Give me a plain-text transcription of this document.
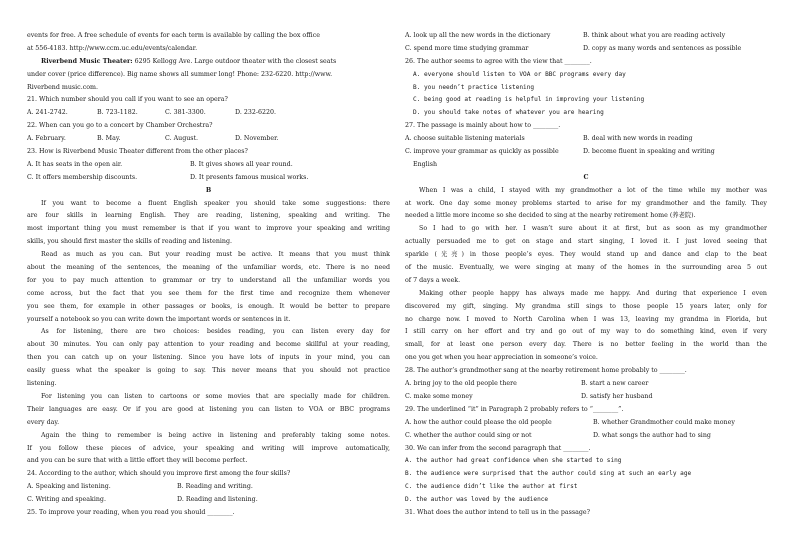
events for free. A free schedule of events for each term is available by calling the box office
at 556-4183. http://www.ccm.uc.edu/events/calendar.
Riverbend Music Theater: 6295 Kellogg Ave. Large outdoor theater with the closest seats
under cover (price difference). Big name shows all summer long! Phone: 232-6220. http://www.
Riverbend music.com.
21. Which number should you call if you want to see an opera?
A. 241-2742.	B. 723-1182.	C. 381-3300.	D. 232-6220.
22. When can you go to a concert by Chamber Orchestra?
A. February.	B. May.	C. August.	D. November.
23. How is Riverbend Music Theater different from the other places?
A. It has seats in the open air.	B. It gives shows all year round.
C. It offers membership discounts.	D. It presents famous musical works.
B
If you want to become a fluent English speaker you should take some suggestions: there
are four skills in learning English. They are reading, listening, speaking and writing. The
most important thing you must remember is that if you want to improve your speaking and writing
skills, you should first master the skills of reading and listening.
Read as much as you can. But your reading must be active. It means that you must think
about the meaning of the sentences, the meaning of the unfamiliar words, etc. There is no need
for you to pay much attention to grammar or try to understand all the unfamiliar words you
come across, but the fact that you see them for the first time and recognize them whenever
you see them, for example in other passages or books, is enough. It would be better to prepare
yourself a notebook so you can write down the important words or sentences in it.
As for listening, there are two choices: besides reading, you can listen every day for
about 30 minutes. You can only pay attention to your reading and become skillful at your reading,
then you can catch up on your listening. Since you have lots of inputs in your mind, you can
easily guess what the speaker is going to say. This never means that you should not practice
listening.
For listening you can listen to cartoons or some movies that are specially made for children.
Their languages are easy. Or if you are good at listening you can listen to VOA or BBC programs
every day.
Again the thing to remember is being active in listening and preferably taking some notes.
If you follow these pieces of advice, your speaking and writing will improve automatically,
and you can be sure that with a little effort they will become perfect.
24. According to the author, which should you improve first among the four skills?
A. Speaking and listening.	B. Reading and writing.
C. Writing and speaking.	D. Reading and listening.
25. To improve your reading, when you read you should ________.
A. look up all the new words in the dictionary	B. think about what you are reading actively
C. spend more time studying grammar	D. copy as many words and sentences as possible
26. The author seems to agree with the view that ________.
A. everyone should listen to VOA or BBC programs every day
B. you needn’t practice listening
C. being good at reading is helpful in improving your listening
D. you should take notes of whatever you are hearing
27. The passage is mainly about how to ________.
A. choose suitable listening materials	B. deal with new words in reading
C. improve your grammar as quickly as possible	D. become fluent in speaking and writing
English
C
When I was a child, I stayed with my grandmother a lot of the time while my mother was
at work. One day some money problems started to arise for my grandmother and the family. They
needed a little more income so she decided to sing at the nearby retirement home (养老院).
So I had to go with her. I wasn’t sure about it at first, but as soon as my grandmother
actually persuaded me to get on stage and start singing, I loved it. I just loved seeing that
sparkle (光亮) in those people’s eyes. They would stand up and dance and clap to the beat
of the music. Eventually, we were singing at many of the homes in the surrounding area 5 out
of 7 days a week.
Making other people happy has always made me happy. And during that experience I even
discovered my gift, singing. My grandma still sings to those people 15 years later, only for
no charge now. I moved to North Carolina when I was 13, leaving my grandma in Florida, but
I still carry on her effort and try and go out of my way to do something kind, even if very
small, for at least one person every day. There is no better feeling in the world than the
one you get when you hear appreciation in someone’s voice.
28. The author’s grandmother sang at the nearby retirement home probably to ________.
A. bring joy to the old people there	B. start a new career
C. make some money	D. satisfy her husband
29. The underlined “it” in Paragraph 2 probably refers to “________”.
A. how the author could please the old people	B. whether Grandmother could make money
C. whether the author could sing or not	D. what songs the author had to sing
30. We can infer from the second paragraph that ________.
A. the author had great confidence when she started to sing
B. the audience were surprised that the author could sing at such an early age
C. the audience didn’t like the author at first
D. the author was loved by the audience
31. What does the author intend to tell us in the passage?
